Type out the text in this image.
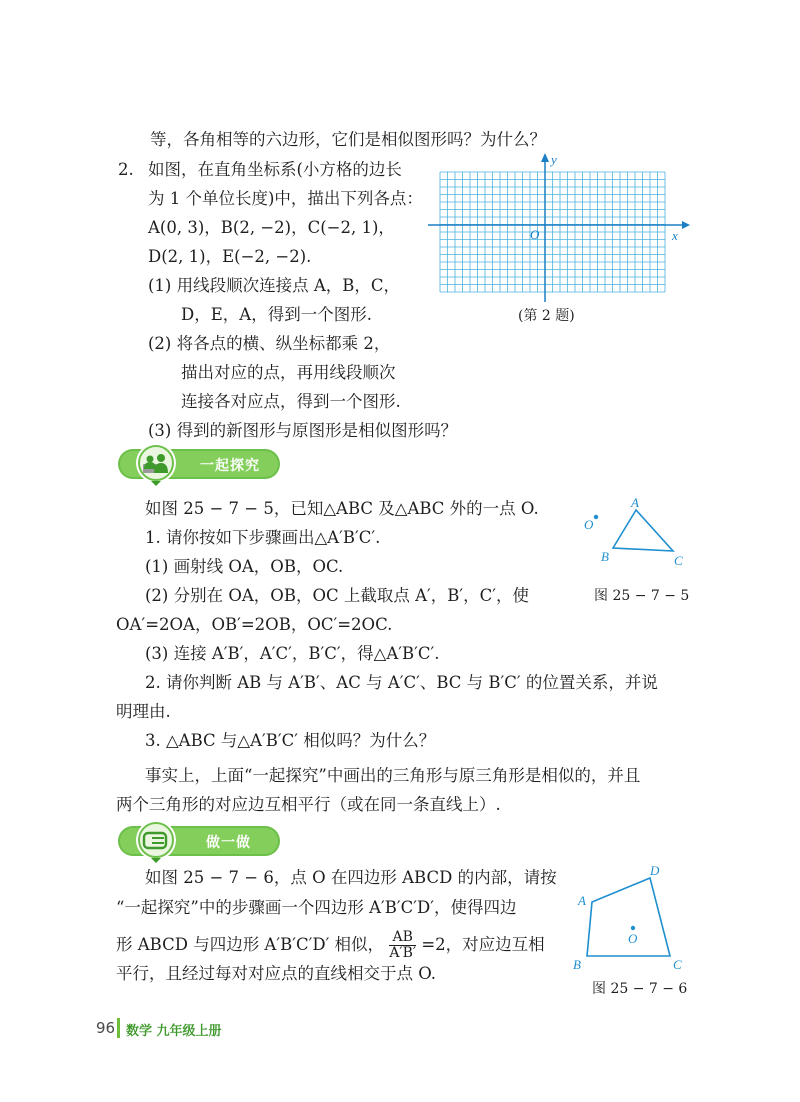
等，各角相等的六边形，它们是相似图形吗？为什么？
2. 如图，在直角坐标系(小方格的边长
为 1 个单位长度)中，描出下列各点：
A(0, 3)，B(2, −2)，C(−2, 1)，
D(2, 1)，E(−2, −2).
(1) 用线段顺次连接点 A，B，C，
D，E，A，得到一个图形.
(2) 将各点的横、纵坐标都乘 2，
描出对应的点，再用线段顺次
连接各对应点，得到一个图形.
(3) 得到的新图形与原图形是相似图形吗？
x
y
O
(第 2 题)
一起探究
如图 25 − 7 − 5，已知△ABC 及△ABC 外的一点 O.
1. 请你按如下步骤画出△A′B′C′.
(1) 画射线 OA，OB，OC.
(2) 分别在 OA，OB，OC 上截取点 A′，B′，C′，使
OA′=2OA，OB′=2OB，OC′=2OC.
(3) 连接 A′B′，A′C′，B′C′，得△A′B′C′.
2. 请你判断 AB 与 A′B′、AC 与 A′C′、BC 与 B′C′ 的位置关系，并说
明理由.
3. △ABC 与△A′B′C′ 相似吗？为什么？
A
B	C
O
图 25 − 7 − 5
事实上，上面“一起探究”中画出的三角形与原三角形是相似的，并且
两个三角形的对应边互相平行（或在同一条直线上）.
做一做
如图 25 − 7 − 6，点 O 在四边形 ABCD 的内部，请按
“一起探究”中的步骤画一个四边形 A′B′C′D′，使得四边
形 ABCD 与四边形 A′B′C′D′ 相似， $\frac{AB}{A'B'} =2$，对应边互相
平行，且经过每对对应点的直线相交于点 O.
A
B	C
D
O
图 25 − 7 − 6
96 数学 九年级上册
